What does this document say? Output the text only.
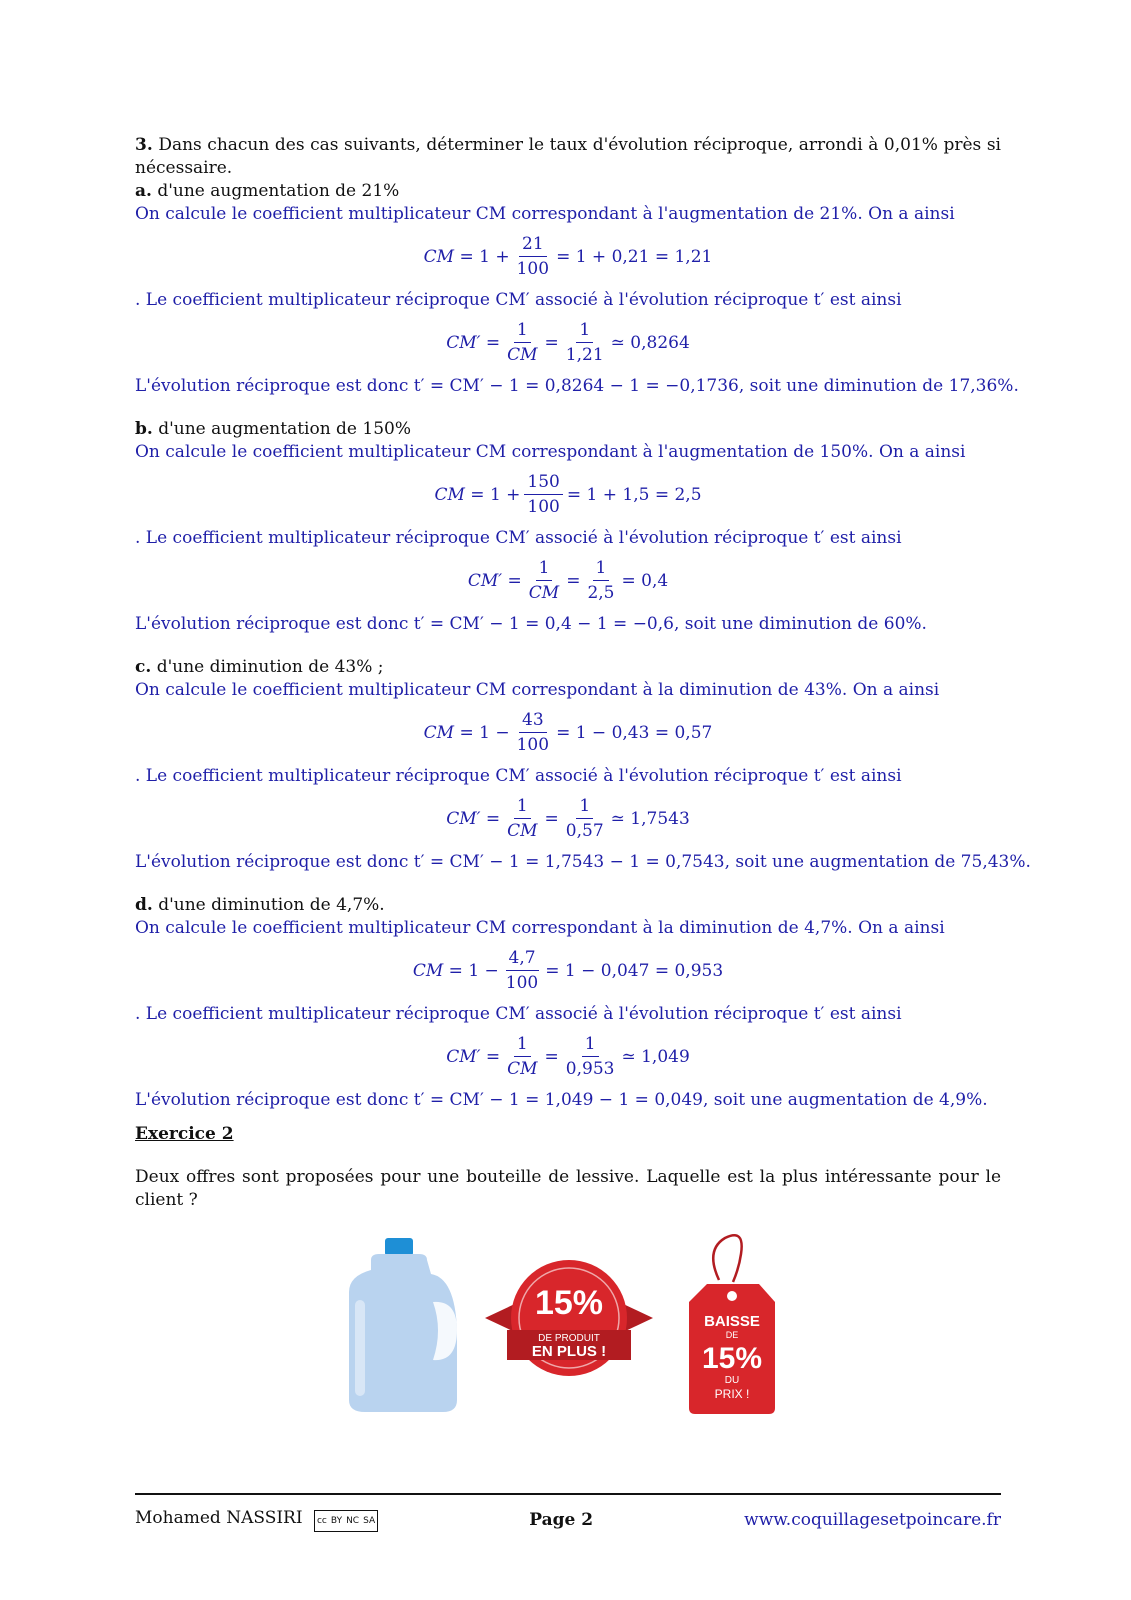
3. Dans chacun des cas suivants, déterminer le taux d'évolution réciproque, arrondi à 0,01% près si nécessaire.
a. d'une augmentation de 21%
On calcule le coefficient multiplicateur CM correspondant à l'augmentation de 21%. On a ainsi
CM
= 1
+ $\frac{21}{100} = 1 + 0,21 = 1,21$
. Le coefficient multiplicateur réciproque CM′ associé à l'évolution réciproque t′ est ainsi
CM′
= $\frac{1}{CM} = \frac{1}{1,21}$ ≃ 0,8264
L'évolution réciproque est donc t′ = CM′ − 1 = 0,8264 − 1 = −0,1736, soit une diminution de 17,36%.
b. d'une augmentation de 150%
On calcule le coefficient multiplicateur CM correspondant à l'augmentation de 150%. On a ainsi
CM
= 1
+ $\frac{150}{100} = 1 + 1,5 = 2,5$
. Le coefficient multiplicateur réciproque CM′ associé à l'évolution réciproque t′ est ainsi
CM′
= $\frac{1}{CM} = \frac{1}{2,5} = 0,4$
L'évolution réciproque est donc t′ = CM′ − 1 = 0,4 − 1 = −0,6, soit une diminution de 60%.
c. d'une diminution de 43% ;
On calcule le coefficient multiplicateur CM correspondant à la diminution de 43%. On a ainsi
CM
= 1
− $\frac{43}{100} = 1 - 0,43 = 0,57$
. Le coefficient multiplicateur réciproque CM′ associé à l'évolution réciproque t′ est ainsi
CM′
= $\frac{1}{CM} = \frac{1}{0,57}$ ≃ 1,7543
L'évolution réciproque est donc t′ = CM′ − 1 = 1,7543 − 1 = 0,7543, soit une augmentation de 75,43%.
d. d'une diminution de 4,7%.
On calcule le coefficient multiplicateur CM correspondant à la diminution de 4,7%. On a ainsi
CM
= 1
− $\frac{4,7}{100} = 1 - 0,047 = 0,953$
. Le coefficient multiplicateur réciproque CM′ associé à l'évolution réciproque t′ est ainsi
CM′
= $\frac{1}{CM} = \frac{1}{0,953}$ ≃ 1,049
L'évolution réciproque est donc t′ = CM′ − 1 = 1,049 − 1 = 0,049, soit une augmentation de 4,9%.
Exercice 2
Deux offres sont proposées pour une bouteille de lessive. Laquelle est la plus intéressante pour le client ?
15%
DE PRODUIT
EN PLUS !
BAISSE
DE
15%
DU
PRIX !
Mohamed NASSIRI cc BY NC SA	Page 2	www.coquillagesetpoincare.fr
